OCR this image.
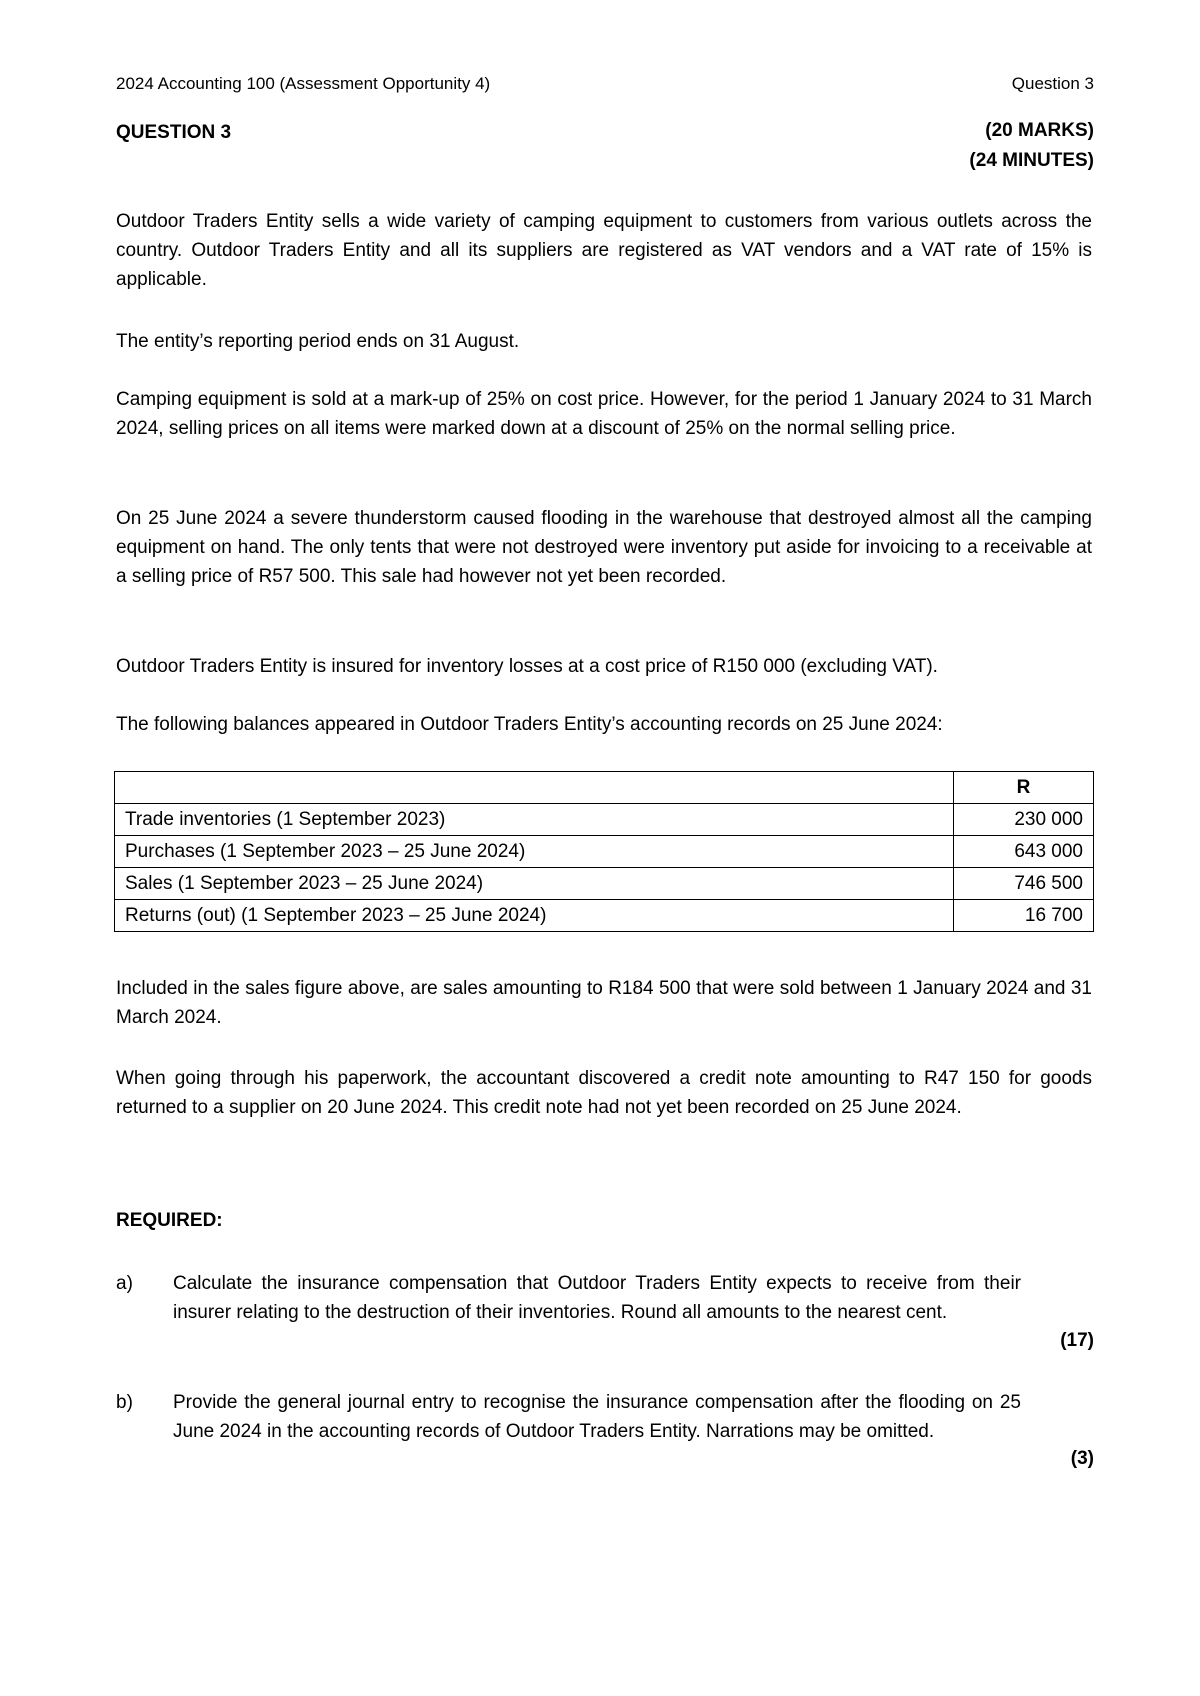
2024 Accounting 100 (Assessment Opportunity 4)	Question 3
QUESTION 3	(20 MARKS)
(24 MINUTES)

Outdoor Traders Entity sells a wide variety of camping equipment to customers from various outlets across the country. Outdoor Traders Entity and all its suppliers are registered as VAT vendors and a VAT rate of 15% is applicable.

The entity’s reporting period ends on 31 August.

Camping equipment is sold at a mark-up of 25% on cost price. However, for the period 1 January 2024 to 31 March 2024, selling prices on all items were marked down at a discount of 25% on the normal selling price.

On 25 June 2024 a severe thunderstorm caused flooding in the warehouse that destroyed almost all the camping equipment on hand. The only tents that were not destroyed were inventory put aside for invoicing to a receivable at a selling price of R57 500. This sale had however not yet been recorded.

Outdoor Traders Entity is insured for inventory losses at a cost price of R150 000 (excluding VAT).

The following balances appeared in Outdoor Traders Entity’s accounting records on 25 June 2024:

	R
Trade inventories (1 September 2023)	230 000
Purchases (1 September 2023 – 25 June 2024)	643 000
Sales (1 September 2023 – 25 June 2024)	746 500
Returns (out) (1 September 2023 – 25 June 2024)	16 700

Included in the sales figure above, are sales amounting to R184 500 that were sold between 1 January 2024 and 31 March 2024.

When going through his paperwork, the accountant discovered a credit note amounting to R47 150 for goods returned to a supplier on 20 June 2024. This credit note had not yet been recorded on 25 June 2024.

REQUIRED:
a) Calculate the insurance compensation that Outdoor Traders Entity expects to receive from their insurer relating to the destruction of their inventories. Round all amounts to the nearest cent.

(17)
b) Provide the general journal entry to recognise the insurance compensation after the flooding on 25 June 2024 in the accounting records of Outdoor Traders Entity. Narrations may be omitted.

(3)
